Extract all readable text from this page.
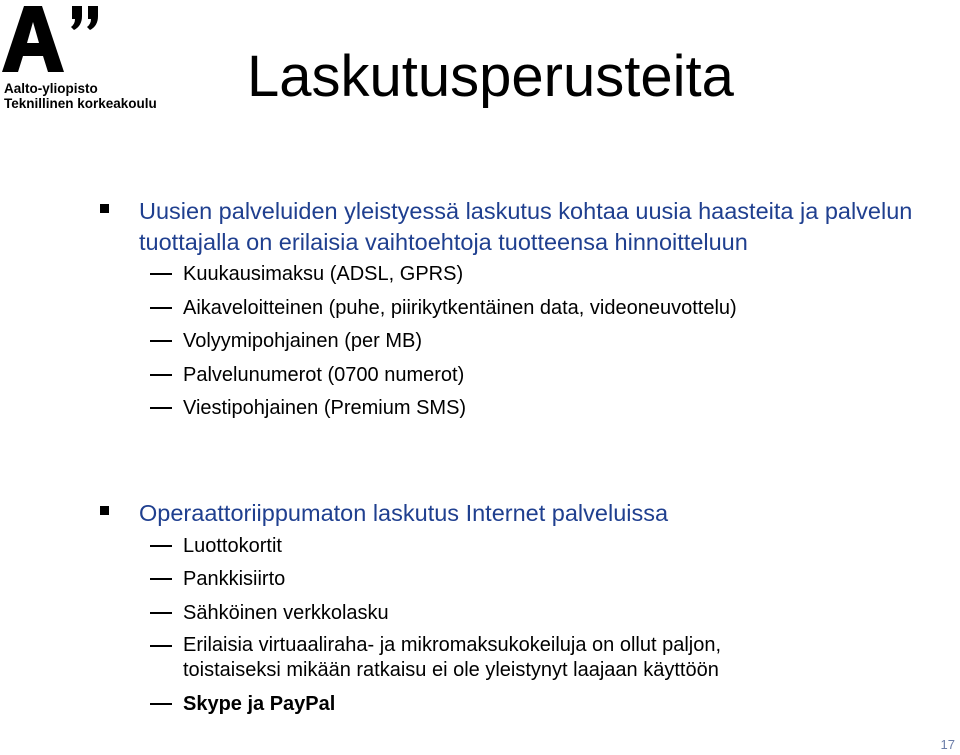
Aalto-yliopisto
Teknillinen korkeakoulu Laskutusperusteita
Uusien palveluiden yleistyessä laskutus kohtaa uusia haasteita ja palvelun tuottajalla on erilaisia vaihtoehtoja tuotteensa hinnoitteluun
Kuukausimaksu (ADSL, GPRS)
Aikaveloitteinen (puhe, piirikytkentäinen data, videoneuvottelu)
Volyymipohjainen (per MB)
Palvelunumerot (0700 numerot)
Viestipohjainen (Premium SMS)
Operaattoriippumaton laskutus Internet palveluissa
Luottokortit
Pankkisiirto
Sähköinen verkkolasku
Erilaisia virtuaaliraha- ja mikromaksukokeiluja on ollut paljon,
toistaiseksi mikään ratkaisu ei ole yleistynyt laajaan käyttöön
Skype ja PayPal
17
